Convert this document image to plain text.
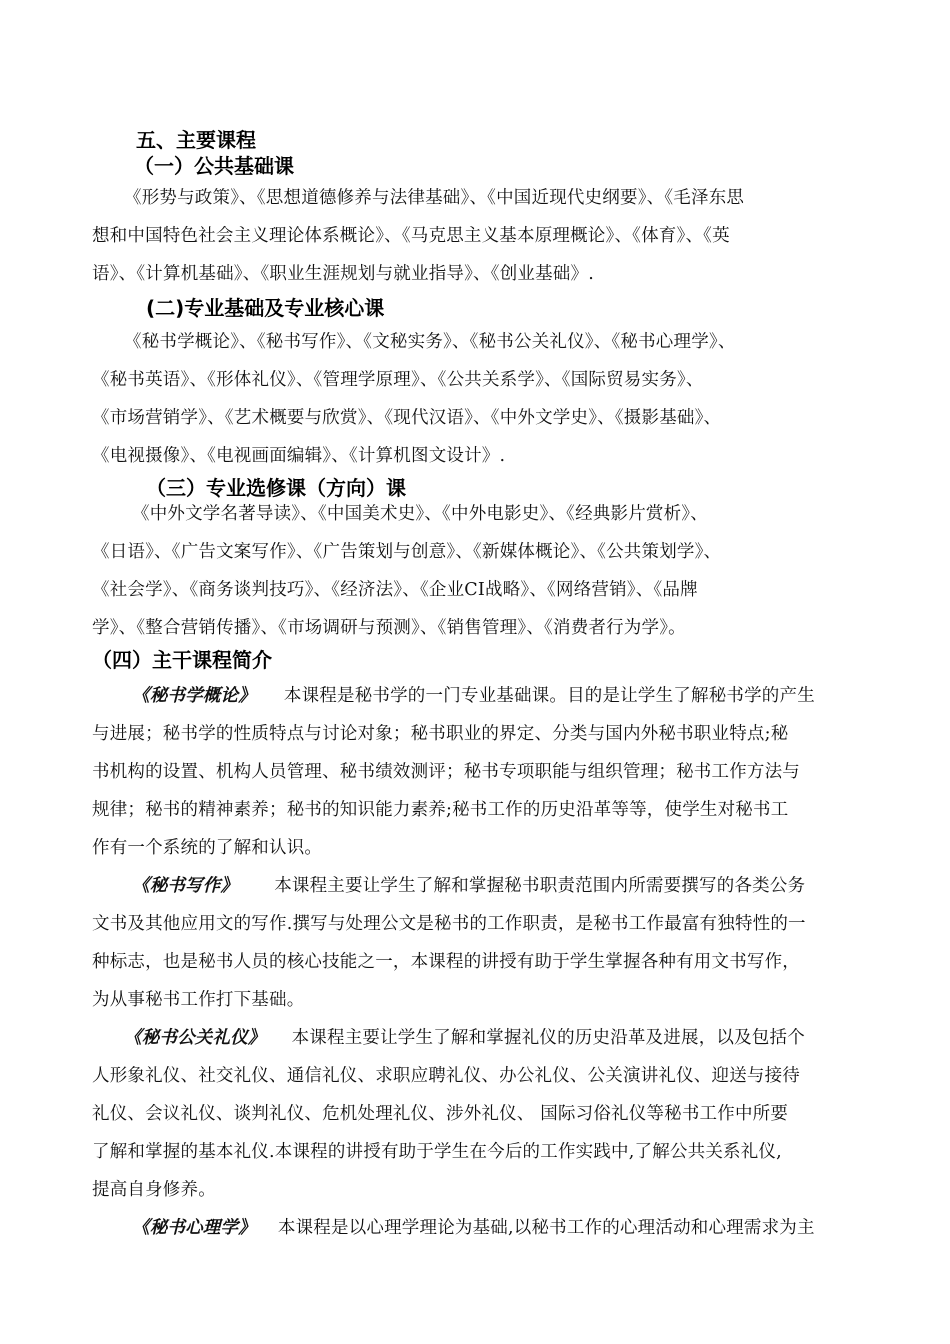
五、主要课程
（一）公共基础课
《形势与政策》、《思想道德修养与法律基础》、《中国近现代史纲要》、《毛泽东思
想和中国特色社会主义理论体系概论》、《马克思主义基本原理概论》、《体育》、《英
语》、《计算机基础》、《职业生涯规划与就业指导》、《创业基础》.
(二)专业基础及专业核心课
《秘书学概论》、《秘书写作》、《文秘实务》、《秘书公关礼仪》、《秘书心理学》、
《秘书英语》、《形体礼仪》、《管理学原理》、《公共关系学》、《国际贸易实务》、
《市场营销学》、《艺术概要与欣赏》、《现代汉语》、《中外文学史》、《摄影基础》、
《电视摄像》、《电视画面编辑》、《计算机图文设计》.
（三）专业选修课（方向）课
《中外文学名著导读》、《中国美术史》、《中外电影史》、《经典影片赏析》、
《日语》、《广告文案写作》、《广告策划与创意》、《新媒体概论》、《公共策划学》、
《社会学》、《商务谈判技巧》、《经济法》、《企业CI战略》、《网络营销》、《品牌
学》、《整合营销传播》、《市场调研与预测》、《销售管理》、《消费者行为学》。
（四）主干课程简介
《秘书学概论》 本课程是秘书学的一门专业基础课。目的是让学生了解秘书学的产生
与进展；秘书学的性质特点与讨论对象；秘书职业的界定、分类与国内外秘书职业特点;秘
书机构的设置、机构人员管理、秘书绩效测评；秘书专项职能与组织管理；秘书工作方法与
规律；秘书的精神素养；秘书的知识能力素养;秘书工作的历史沿革等等，使学生对秘书工
作有一个系统的了解和认识。
《秘书写作》 本课程主要让学生了解和掌握秘书职责范围内所需要撰写的各类公务
文书及其他应用文的写作.撰写与处理公文是秘书的工作职责，是秘书工作最富有独特性的一
种标志，也是秘书人员的核心技能之一，本课程的讲授有助于学生掌握各种有用文书写作，
为从事秘书工作打下基础。
《秘书公关礼仪》 本课程主要让学生了解和掌握礼仪的历史沿革及进展，以及包括个
人形象礼仪、社交礼仪、通信礼仪、求职应聘礼仪、办公礼仪、公关演讲礼仪、迎送与接待
礼仪、会议礼仪、谈判礼仪、危机处理礼仪、涉外礼仪、 国际习俗礼仪等秘书工作中所要
了解和掌握的基本礼仪.本课程的讲授有助于学生在今后的工作实践中,了解公共关系礼仪,
提高自身修养。
《秘书心理学》 本课程是以心理学理论为基础,以秘书工作的心理活动和心理需求为主
